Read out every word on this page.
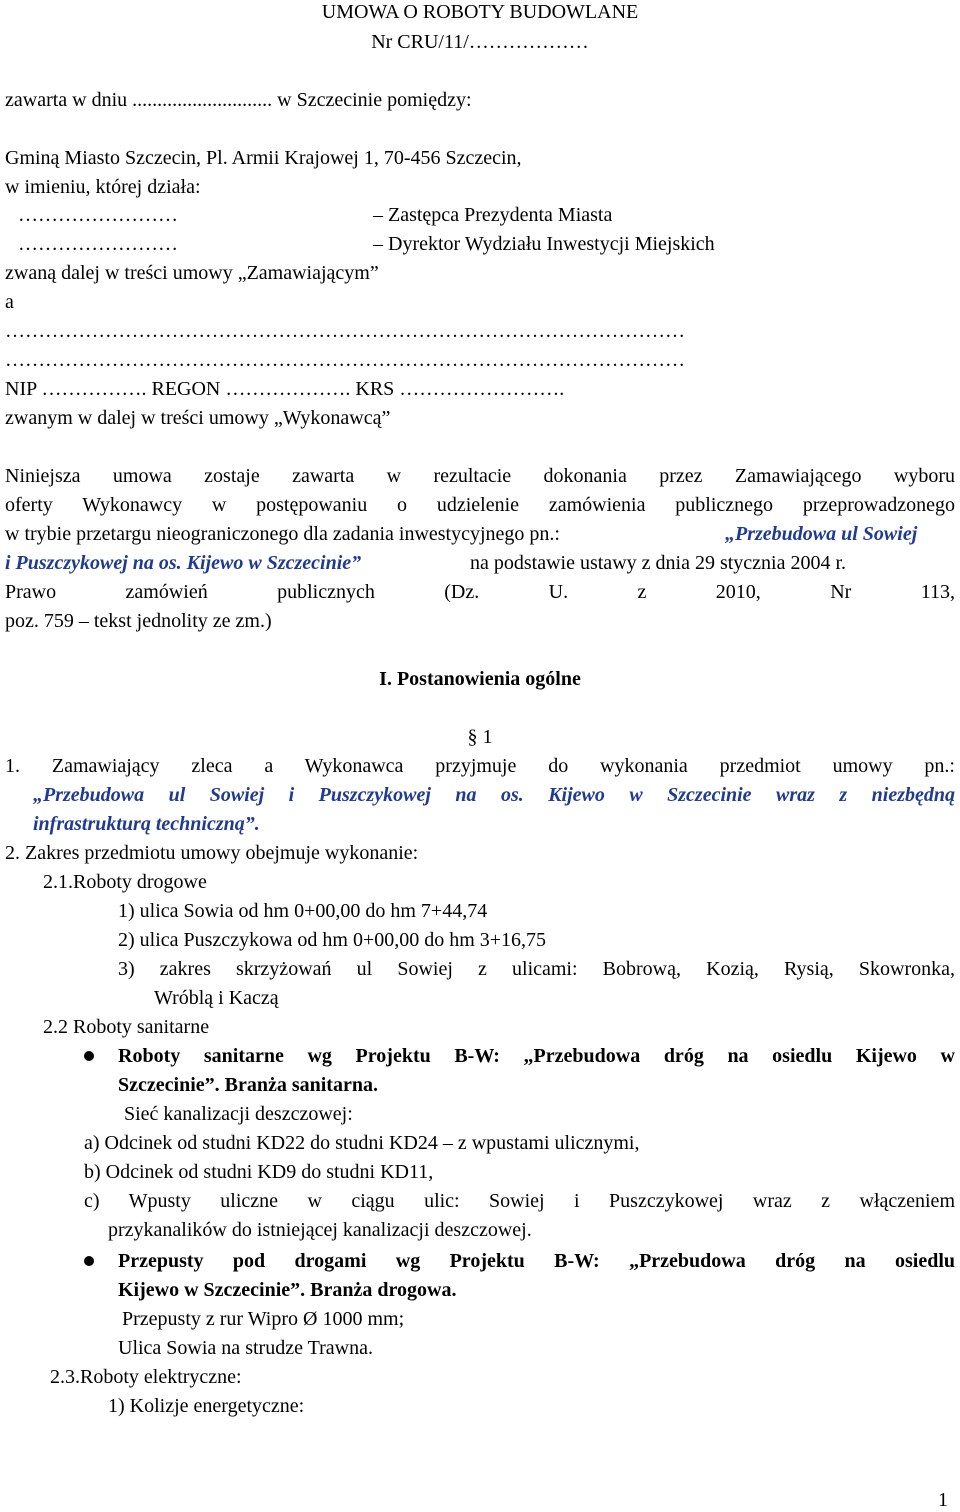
UMOWA O ROBOTY BUDOWLANE
Nr CRU/11/………………
zawarta w dniu ............................ w Szczecinie pomiędzy:
Gminą Miasto Szczecin, Pl. Armii Krajowej 1, 70-456 Szczecin,
w imieniu, której działa:
……………………	– Zastępca Prezydenta Miasta
……………………	– Dyrektor Wydziału Inwestycji Miejskich
zwaną dalej w treści umowy „Zamawiającym”
a
…………………………………………………………………………………………
…………………………………………………………………………………………
NIP ……………. REGON ………………. KRS …………………….
zwanym w dalej w treści umowy „Wykonawcą”
Niniejsza umowa zostaje zawarta w rezultacie dokonania przez Zamawiającego wyboru
oferty Wykonawcy w postępowaniu o udzielenie zamówienia publicznego przeprowadzonego
w trybie przetargu nieograniczonego dla zadania inwestycyjnego pn.:	„Przebudowa ul Sowiej
i Puszczykowej na os. Kijewo w Szczecinie”	na podstawie ustawy z dnia 29 stycznia 2004 r.
Prawo zamówień publicznych (Dz. U. z 2010, Nr 113,
poz. 759 – tekst jednolity ze zm.)
I. Postanowienia ogólne
§ 1
1. Zamawiający zleca a Wykonawca przyjmuje do wykonania przedmiot umowy pn.:
„Przebudowa ul Sowiej i Puszczykowej na os. Kijewo w Szczecinie wraz z niezbędną
infrastrukturą techniczną”.
2. Zakres przedmiotu umowy obejmuje wykonanie:
2.1.Roboty drogowe
1) ulica Sowia od hm 0+00,00 do hm 7+44,74
2) ulica Puszczykowa od hm 0+00,00 do hm 3+16,75
3) zakres skrzyżowań ul Sowiej z ulicami: Bobrową, Kozią, Rysią, Skowronka,
Wróblą i Kaczą
2.2 Roboty sanitarne
Roboty sanitarne wg Projektu B-W: „Przebudowa dróg na osiedlu Kijewo w
Szczecinie”. Branża sanitarna.
Sieć kanalizacji deszczowej:
a) Odcinek od studni KD22 do studni KD24 – z wpustami ulicznymi,
b) Odcinek od studni KD9 do studni KD11,
c) Wpusty uliczne w ciągu ulic: Sowiej i Puszczykowej wraz z włączeniem
przykanalików do istniejącej kanalizacji deszczowej.
Przepusty pod drogami wg Projektu B-W: „Przebudowa dróg na osiedlu
Kijewo w Szczecinie”. Branża drogowa.
Przepusty z rur Wipro Ø 1000 mm;
Ulica Sowia na strudze Trawna.
2.3.Roboty elektryczne:
1) Kolizje energetyczne:
1
